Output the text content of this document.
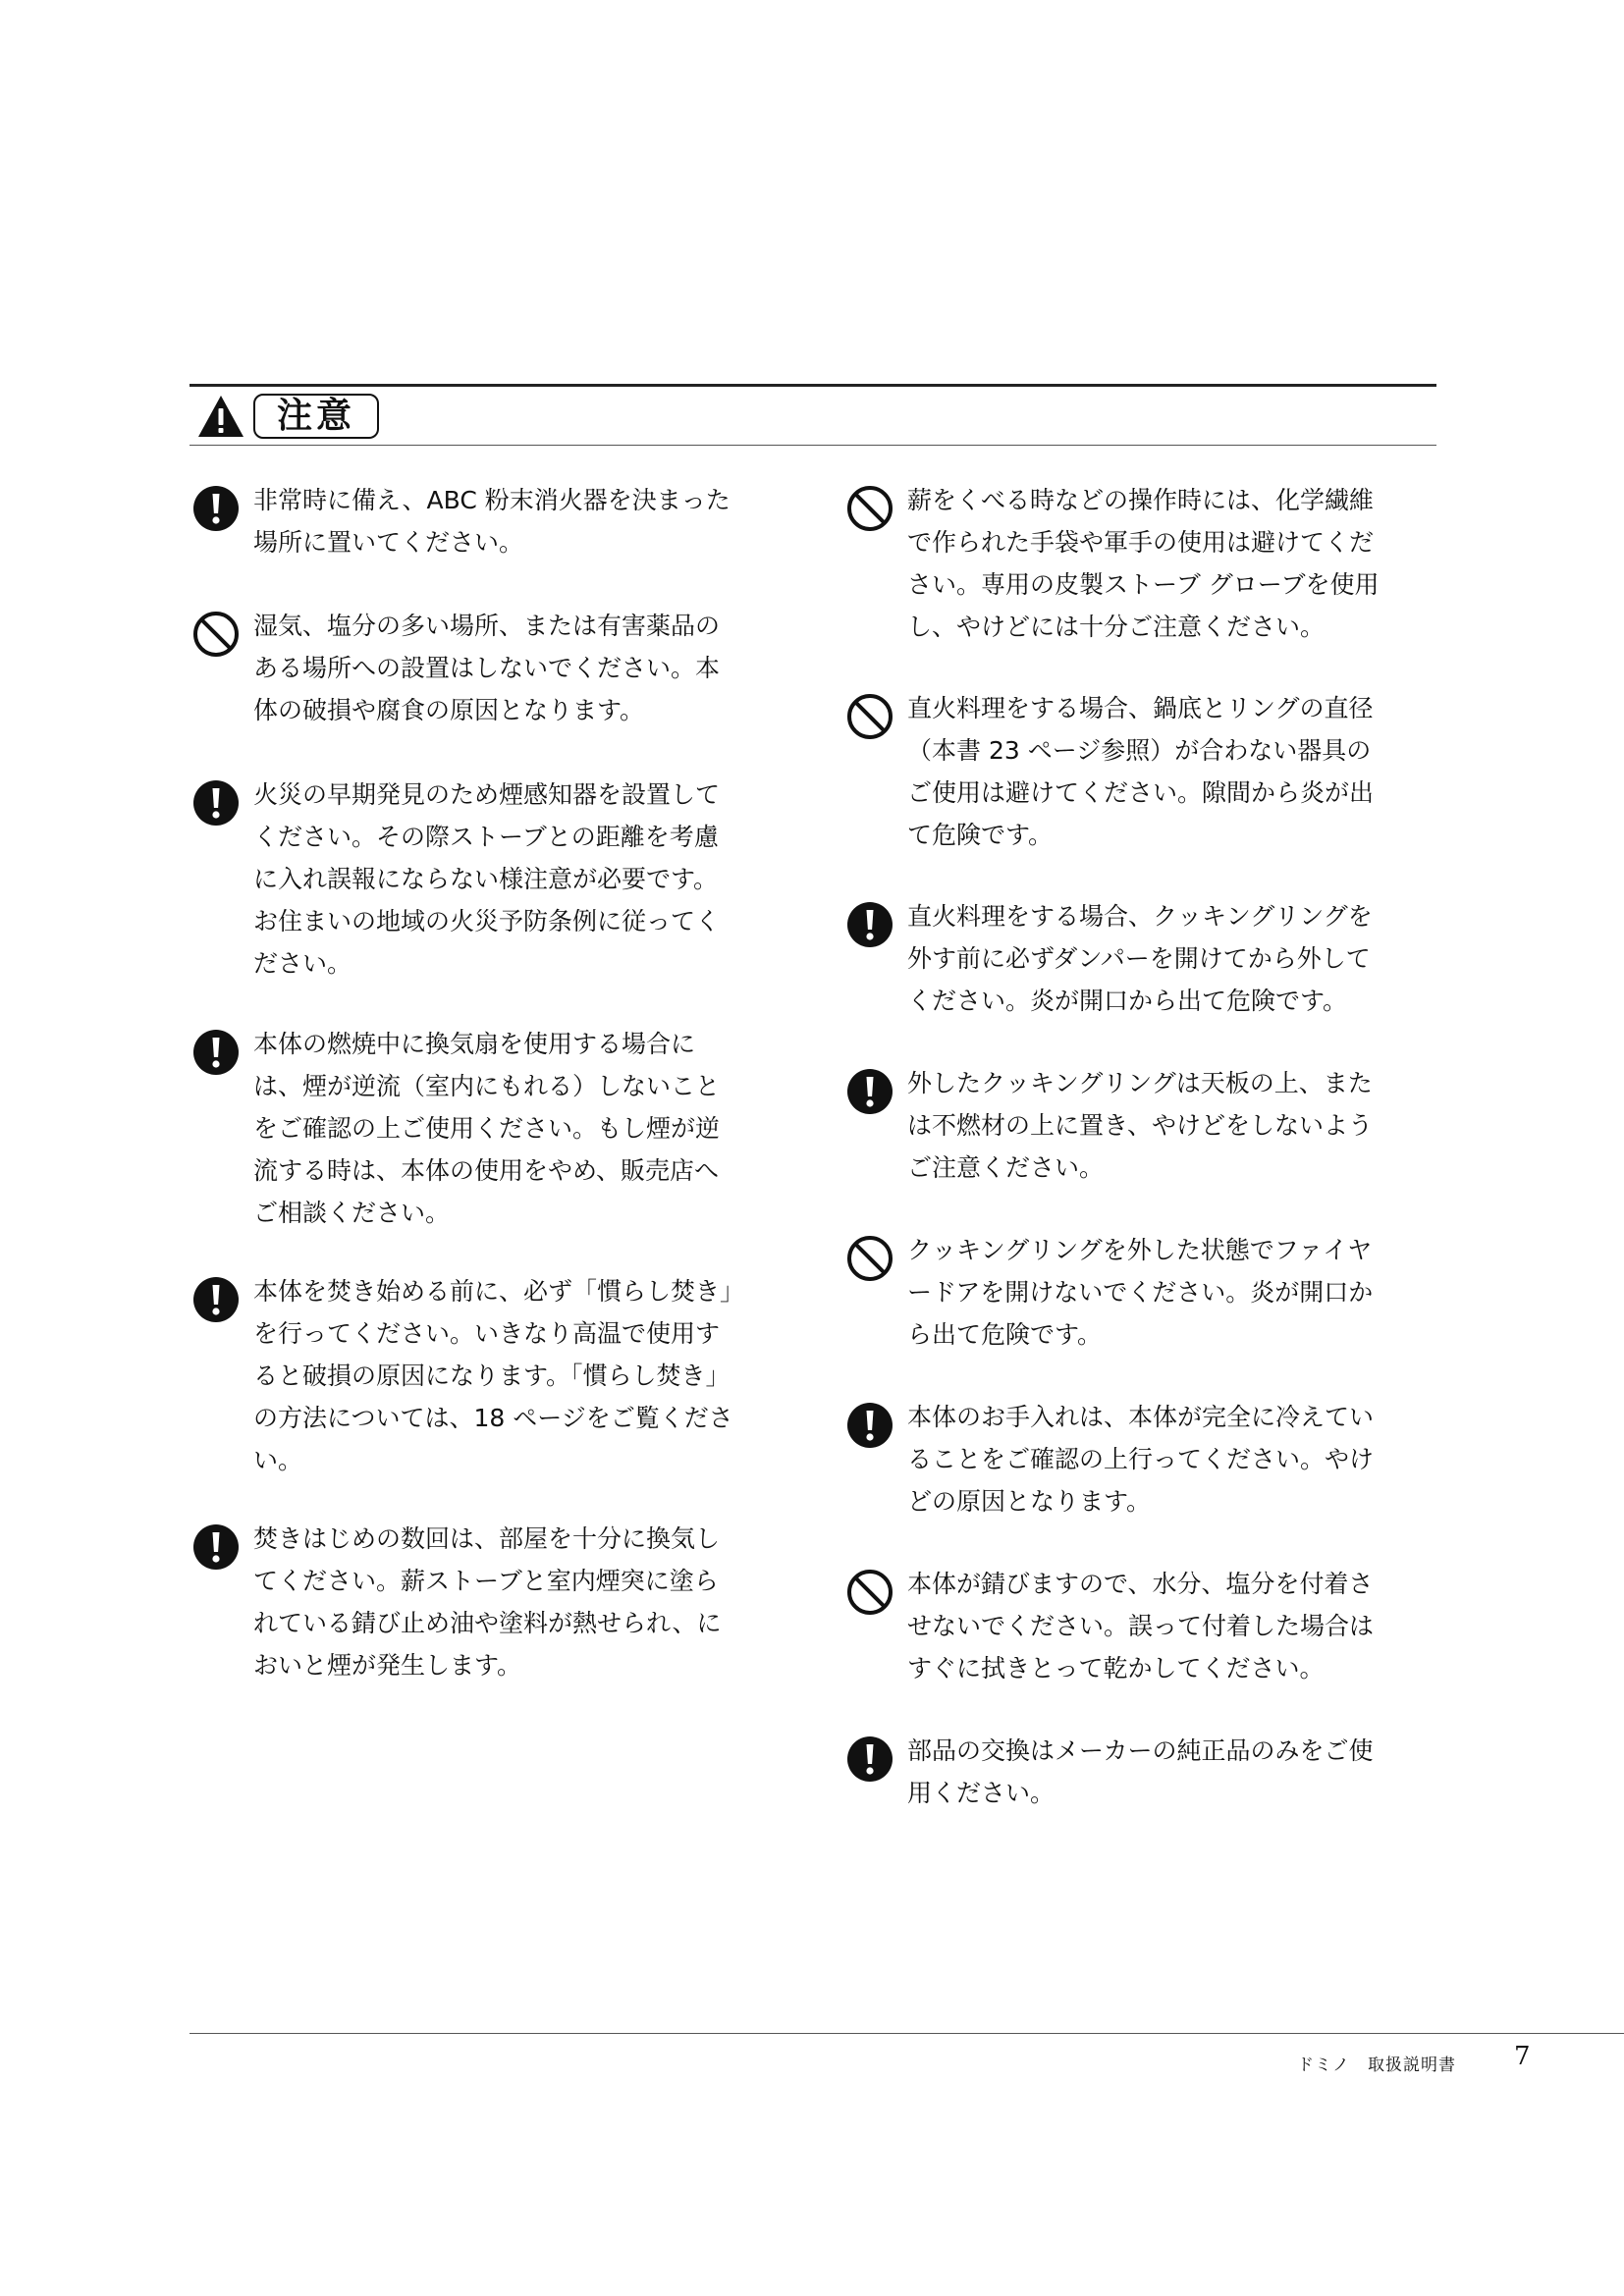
注意
非常時に備え、ABC 粉末消火器を決まった場所に置いてください。
湿気、塩分の多い場所、または有害薬品のある場所への設置はしないでください。本体の破損や腐食の原因となります。
火災の早期発見のため煙感知器を設置してください。その際ストーブとの距離を考慮に入れ誤報にならない様注意が必要です。お住まいの地域の火災予防条例に従ってください。
本体の燃焼中に換気扇を使用する場合には、煙が逆流（室内にもれる）しないことをご確認の上ご使用ください。もし煙が逆流する時は、本体の使用をやめ、販売店へご相談ください。
本体を焚き始める前に、必ず「慣らし焚き」を行ってください。いきなり高温で使用すると破損の原因になります。「慣らし焚き」の方法については、18 ページをご覧ください。
焚きはじめの数回は、部屋を十分に換気してください。薪ストーブと室内煙突に塗られている錆び止め油や塗料が熱せられ、においと煙が発生します。
薪をくべる時などの操作時には、化学繊維で作られた手袋や軍手の使用は避けてください。専用の皮製ストーブ グローブを使用し、やけどには十分ご注意ください。
直火料理をする場合、鍋底とリングの直径（本書 23 ページ参照）が合わない器具のご使用は避けてください。隙間から炎が出て危険です。
直火料理をする場合、クッキングリングを外す前に必ずダンパーを開けてから外してください。炎が開口から出て危険です。
外したクッキングリングは天板の上、または不燃材の上に置き、やけどをしないようご注意ください。
クッキングリングを外した状態でファイヤードアを開けないでください。炎が開口から出て危険です。
本体のお手入れは、本体が完全に冷えていることをご確認の上行ってください。やけどの原因となります。
本体が錆びますので、水分、塩分を付着させないでください。誤って付着した場合はすぐに拭きとって乾かしてください。
部品の交換はメーカーの純正品のみをご使用ください。
ドミノ　取扱説明書 7
